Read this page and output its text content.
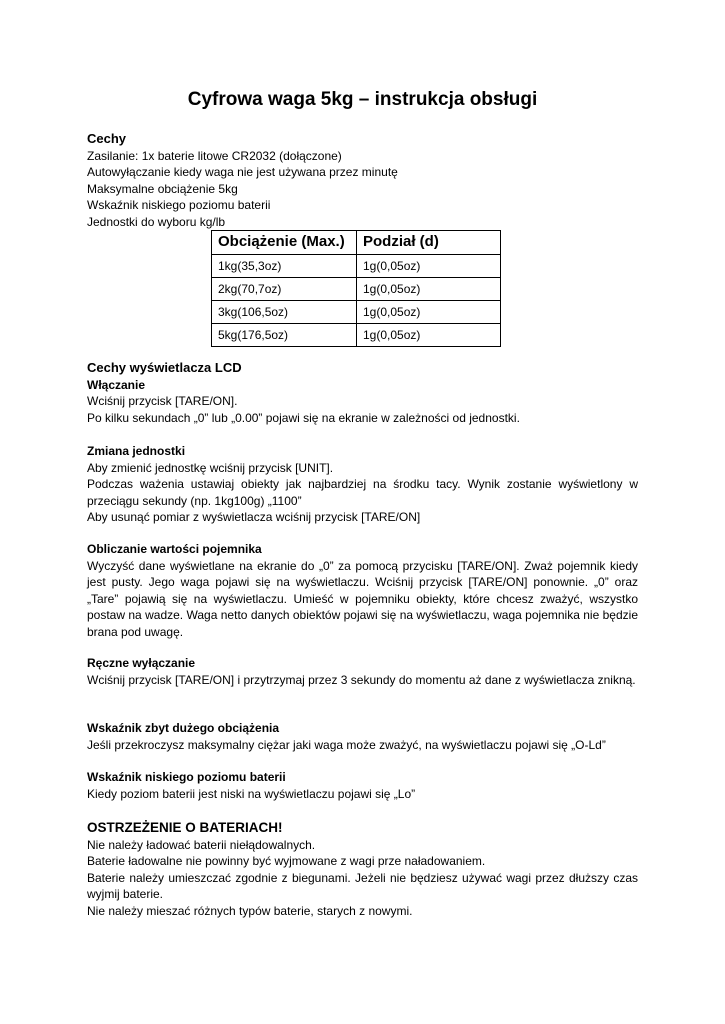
Cyfrowa waga 5kg – instrukcja obsługi
Cechy
Zasilanie: 1x baterie litowe CR2032 (dołączone)
Autowyłączanie kiedy waga nie jest używana przez minutę
Maksymalne obciążenie 5kg
Wskaźnik niskiego poziomu baterii
Jednostki do wyboru kg/lb
Obciążenie (Max.)	Podział (d)
1kg(35,3oz)	1g(0,05oz)
2kg(70,7oz)	1g(0,05oz)
3kg(106,5oz)	1g(0,05oz)
5kg(176,5oz)	1g(0,05oz)
Cechy wyświetlacza LCD
Włączanie
Wciśnij przycisk [TARE/ON].
Po kilku sekundach „0” lub „0.00” pojawi się na ekranie w zależności od jednostki.
Zmiana jednostki
Aby zmienić jednostkę wciśnij przycisk [UNIT].
Podczas ważenia ustawiaj obiekty jak najbardziej na środku tacy. Wynik zostanie wyświetlony w przeciągu sekundy (np. 1kg100g) „1100”
Aby usunąć pomiar z wyświetlacza wciśnij przycisk [TARE/ON]
Obliczanie wartości pojemnika
Wyczyść dane wyświetlane na ekranie do „0” za pomocą przycisku [TARE/ON]. Zważ pojemnik kiedy jest pusty. Jego waga pojawi się na wyświetlaczu. Wciśnij przycisk [TARE/ON] ponownie. „0” oraz „Tare” pojawią się na wyświetlaczu. Umieść w pojemniku obiekty, które chcesz zważyć, wszystko postaw na wadze. Waga netto danych obiektów pojawi się na wyświetlaczu, waga pojemnika nie będzie brana pod uwagę.
Ręczne wyłączanie
Wciśnij przycisk [TARE/ON] i przytrzymaj przez 3 sekundy do momentu aż dane z wyświetlacza znikną.
Wskaźnik zbyt dużego obciążenia
Jeśli przekroczysz maksymalny ciężar jaki waga może zważyć, na wyświetlaczu pojawi się „O-Ld”
Wskaźnik niskiego poziomu baterii
Kiedy poziom baterii jest niski na wyświetlaczu pojawi się „Lo”
OSTRZEŻENIE O BATERIACH!
Nie należy ładować baterii niełądowalnych.
Baterie ładowalne nie powinny być wyjmowane z wagi prze naładowaniem.
Baterie należy umieszczać zgodnie z biegunami. Jeżeli nie będziesz używać wagi przez dłuższy czas wyjmij baterie.
Nie należy mieszać różnych typów baterie, starych z nowymi.
